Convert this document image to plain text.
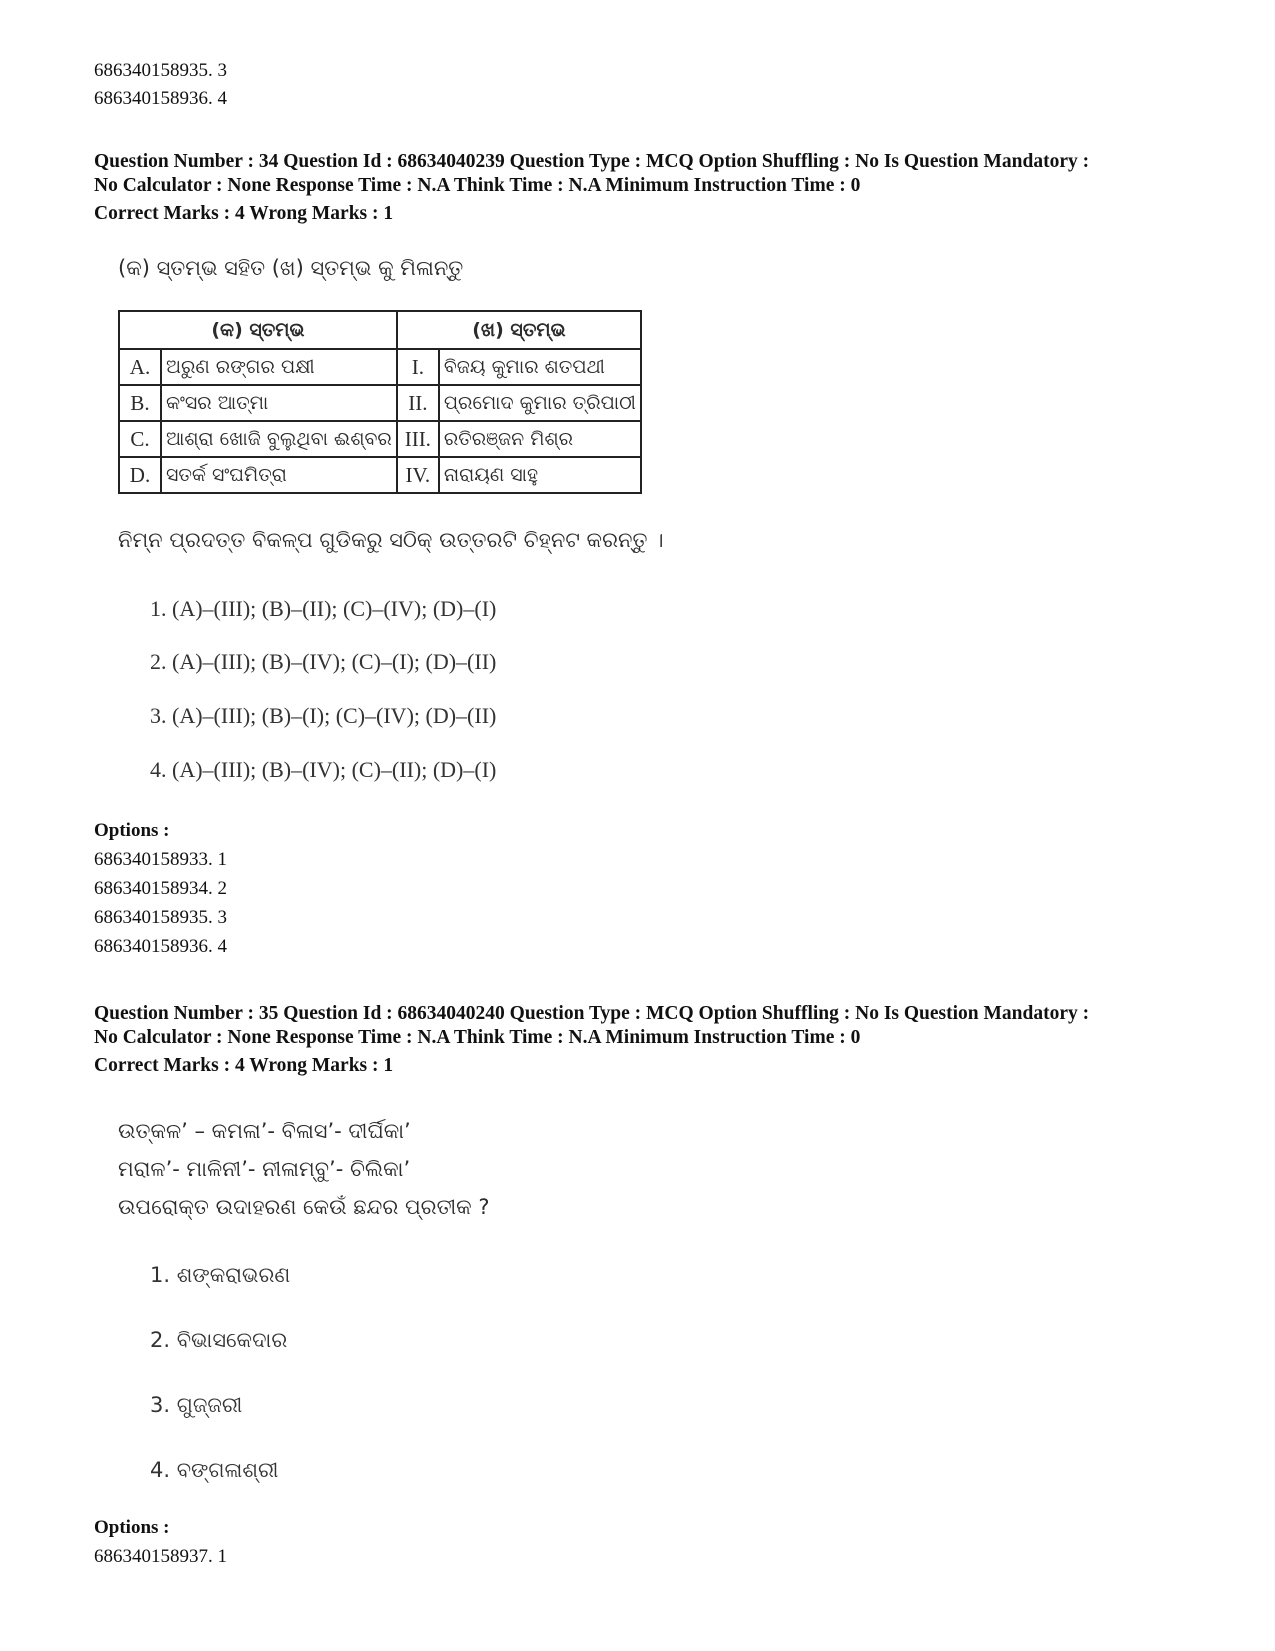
686340158935. 3
686340158936. 4
Question Number : 34 Question Id : 68634040239 Question Type : MCQ Option Shuffling : No Is Question Mandatory :
No Calculator : None Response Time : N.A Think Time : N.A Minimum Instruction Time : 0
Correct Marks : 4 Wrong Marks : 1
(କ) ସ୍ତମ୍ଭ ସହିତ (ଖ) ସ୍ତମ୍ଭ କୁ ମିଳାନ୍ତୁ
(କ) ସ୍ତମ୍ଭ		(ଖ) ସ୍ତମ୍ଭ	
A.	ଅରୁଣ ରଙ୍ଗର ପକ୍ଷୀ	I.	ବିଜୟ କୁମାର ଶତପଥୀ
B.	କଂସର ଆତ୍ମା	II.	ପ୍ରମୋଦ କୁମାର ତ୍ରିପାଠୀ
C.	ଆଶ୍ରା ଖୋଜି ବୁଲୁଥିବା ଈଶ୍ବର	III.	ରତିରଞ୍ଜନ ମିଶ୍ର
D.	ସତର୍କ ସଂଘମିତ୍ରା	IV.	ନାରାୟଣ ସାହୁ
ନିମ୍ନ ପ୍ରଦତ୍ତ ବିକଳ୍ପ ଗୁଡିକରୁ ସଠିକ୍ ଉତ୍ତରଟି ଚିହ୍ନଟ କରନ୍ତୁ ।
1. (A)–(III); (B)–(II); (C)–(IV); (D)–(I)
2. (A)–(III); (B)–(IV); (C)–(I); (D)–(II)
3. (A)–(III); (B)–(I); (C)–(IV); (D)–(II)
4. (A)–(III); (B)–(IV); (C)–(II); (D)–(I)
Options :
686340158933. 1
686340158934. 2
686340158935. 3
686340158936. 4
Question Number : 35 Question Id : 68634040240 Question Type : MCQ Option Shuffling : No Is Question Mandatory :
No Calculator : None Response Time : N.A Think Time : N.A Minimum Instruction Time : 0
Correct Marks : 4 Wrong Marks : 1
ଉତ୍କଳ’ – କମଳା’- ବିଳାସ’- ଦୀର୍ଘିକା’
ମରାଳ’- ମାଳିନୀ’- ନୀଳାମ୍ବୁ’- ଚିଲିକା’
ଉପରୋକ୍ତ ଉଦାହରଣ କେଉଁ ଛନ୍ଦର ପ୍ରତୀକ ?
1. ଶଙ୍କରାଭରଣ
2. ବିଭାସକେଦାର
3. ଗୁଜ୍ଜରୀ
4. ବଙ୍ଗଳାଶ୍ରୀ
Options :
686340158937. 1
